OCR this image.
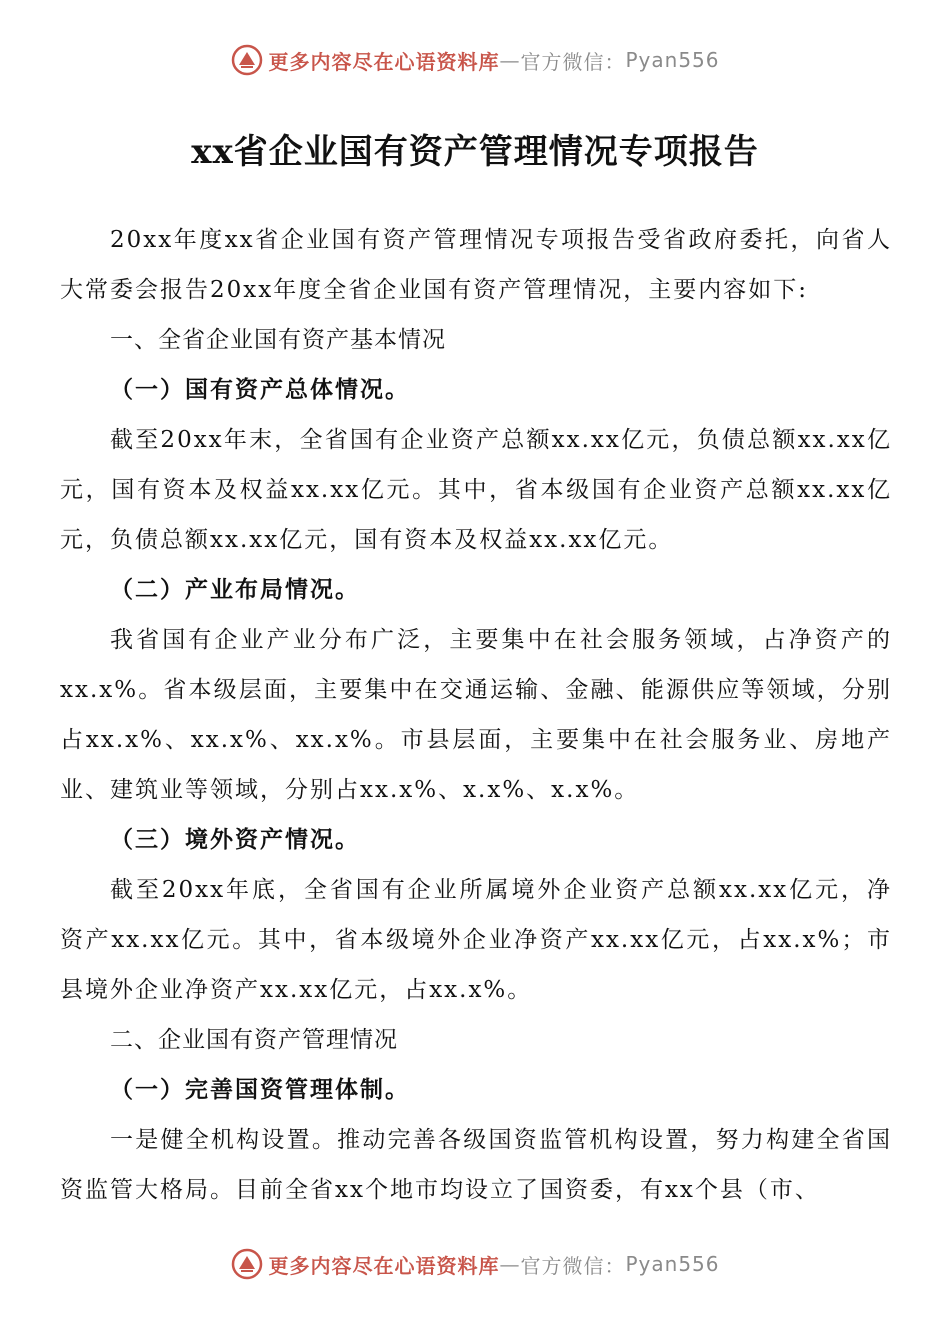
更多内容尽在心语资料库 — 官方微信： Pyan556
xx省企业国有资产管理情况专项报告

20xx年度xx省企业国有资产管理情况专项报告受省政府委托，向省人大常委会报告20xx年度全省企业国有资产管理情况，主要内容如下:

一、全省企业国有资产基本情况

（一）国有资产总体情况。

截至20xx年末，全省国有企业资产总额xx.xx亿元，负债总额xx.xx亿元，国有资本及权益xx.xx亿元。其中，省本级国有企业资产总额xx.xx亿元，负债总额xx.xx亿元，国有资本及权益xx.xx亿元。

（二）产业布局情况。

我省国有企业产业分布广泛，主要集中在社会服务领域，占净资产的xx.x%。省本级层面，主要集中在交通运输、金融、能源供应等领域，分别占xx.x%、xx.x%、xx.x%。市县层面，主要集中在社会服务业、房地产业、建筑业等领域，分别占xx.x%、x.x%、x.x%。

（三）境外资产情况。

截至20xx年底，全省国有企业所属境外企业资产总额xx.xx亿元，净资产xx.xx亿元。其中，省本级境外企业净资产xx.xx亿元，占xx.x%；市县境外企业净资产xx.xx亿元，占xx.x%。

二、企业国有资产管理情况

（一）完善国资管理体制。

一是健全机构设置。推动完善各级国资监管机构设置，努力构建全省国资监管大格局。目前全省xx个地市均设立了国资委，有xx个县（市、

更多内容尽在心语资料库 — 官方微信： Pyan556
